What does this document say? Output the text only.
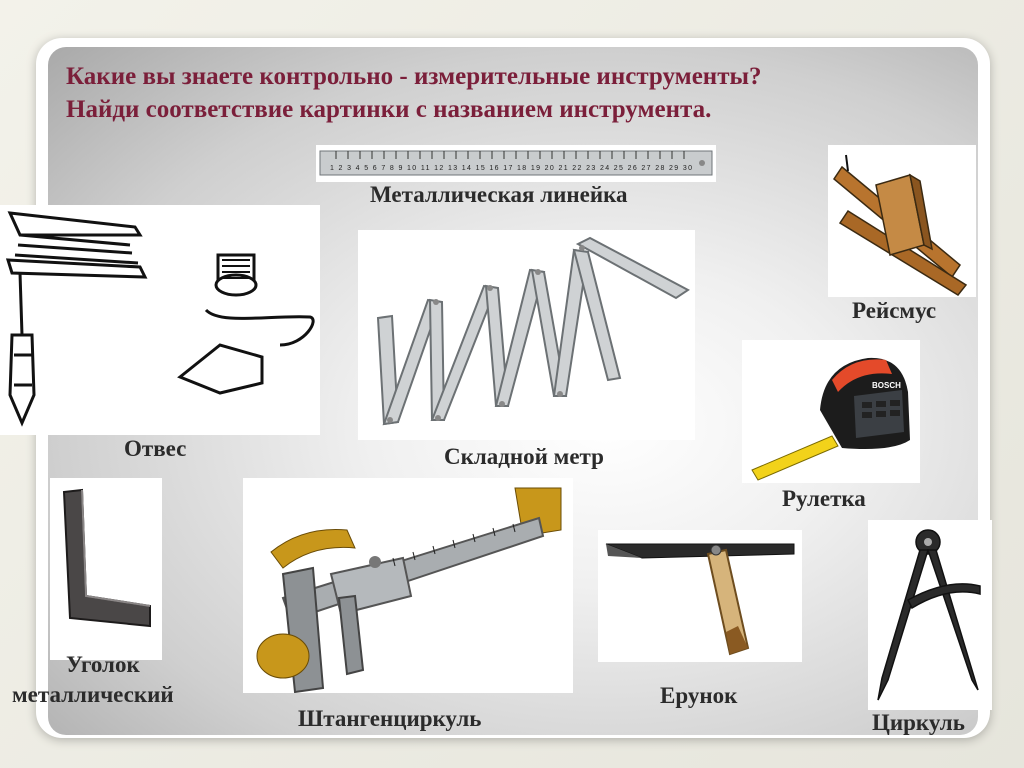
Какие вы знаете контрольно - измерительные инструменты?
Найди соответствие картинки с названием инструмента.
1 2 3 4 5 6 7 8 9 10 11 12 13 14 15 16 17 18 19 20 21 22 23 24 25 26 27 28 29 30
Металлическая линейка
Отвес	Складной метр
Рейсмус
BOSCH
Рулетка
Уголок
металлический
Штангенциркуль
Ерунок
Циркуль
